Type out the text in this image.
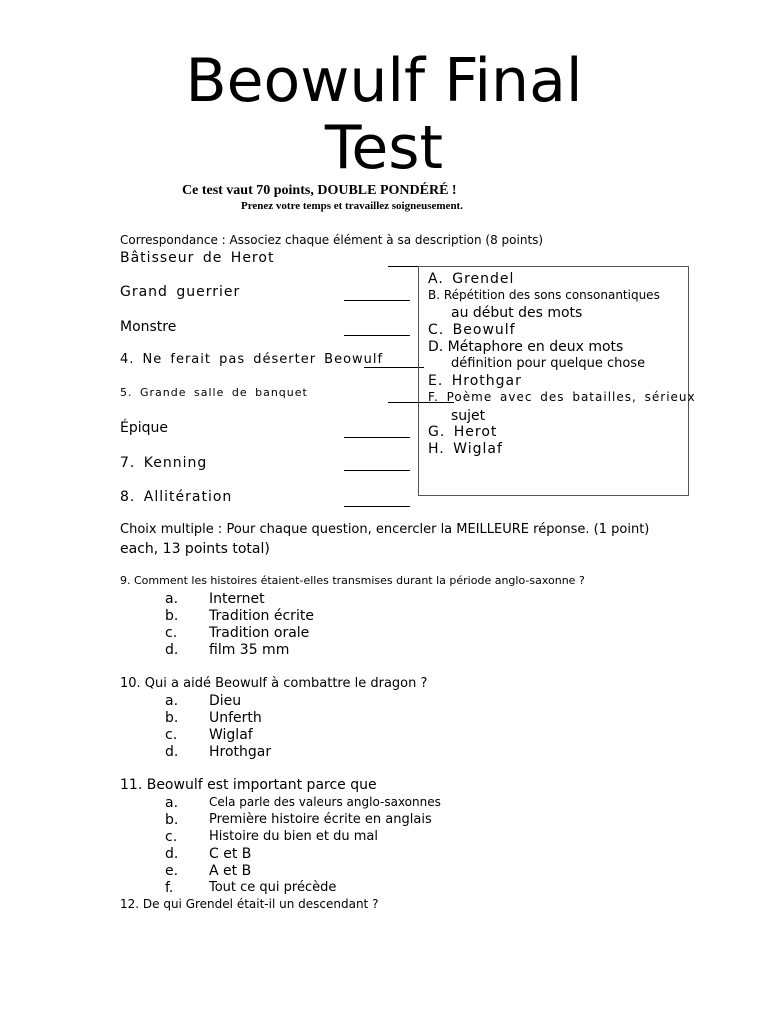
Beowulf Final
Test
Ce test vaut 70 points, DOUBLE PONDÉRÉ !
Prenez votre temps et travaillez soigneusement.
Correspondance : Associez chaque élément à sa description (8 points)
Bâtisseur de Herot
Grand guerrier
Monstre
4. Ne ferait pas déserter Beowulf
5. Grande salle de banquet
Épique
7. Kenning
8. Allitération
A. Grendel
B. Répétition des sons consonantiques
au début des mots
C. Beowulf
D. Métaphore en deux mots
définition pour quelque chose
E. Hrothgar
F. Poème avec des batailles, sérieux
sujet
G. Herot
H. Wiglaf
Choix multiple : Pour chaque question, encercler la MEILLEURE réponse. (1 point)
each, 13 points total)
9. Comment les histoires étaient-elles transmises durant la période anglo-saxonne ?
a. Internet
b. Tradition écrite
c. Tradition orale
d. film 35 mm
10. Qui a aidé Beowulf à combattre le dragon ?
a. Dieu
b. Unferth
c. Wiglaf
d. Hrothgar
11. Beowulf est important parce que
a.	Cela parle des valeurs anglo-saxonnes
b. Première histoire écrite en anglais
c. Histoire du bien et du mal
d. C et B
e. A et B
f.	Tout ce qui précède
12. De qui Grendel était-il un descendant ?
